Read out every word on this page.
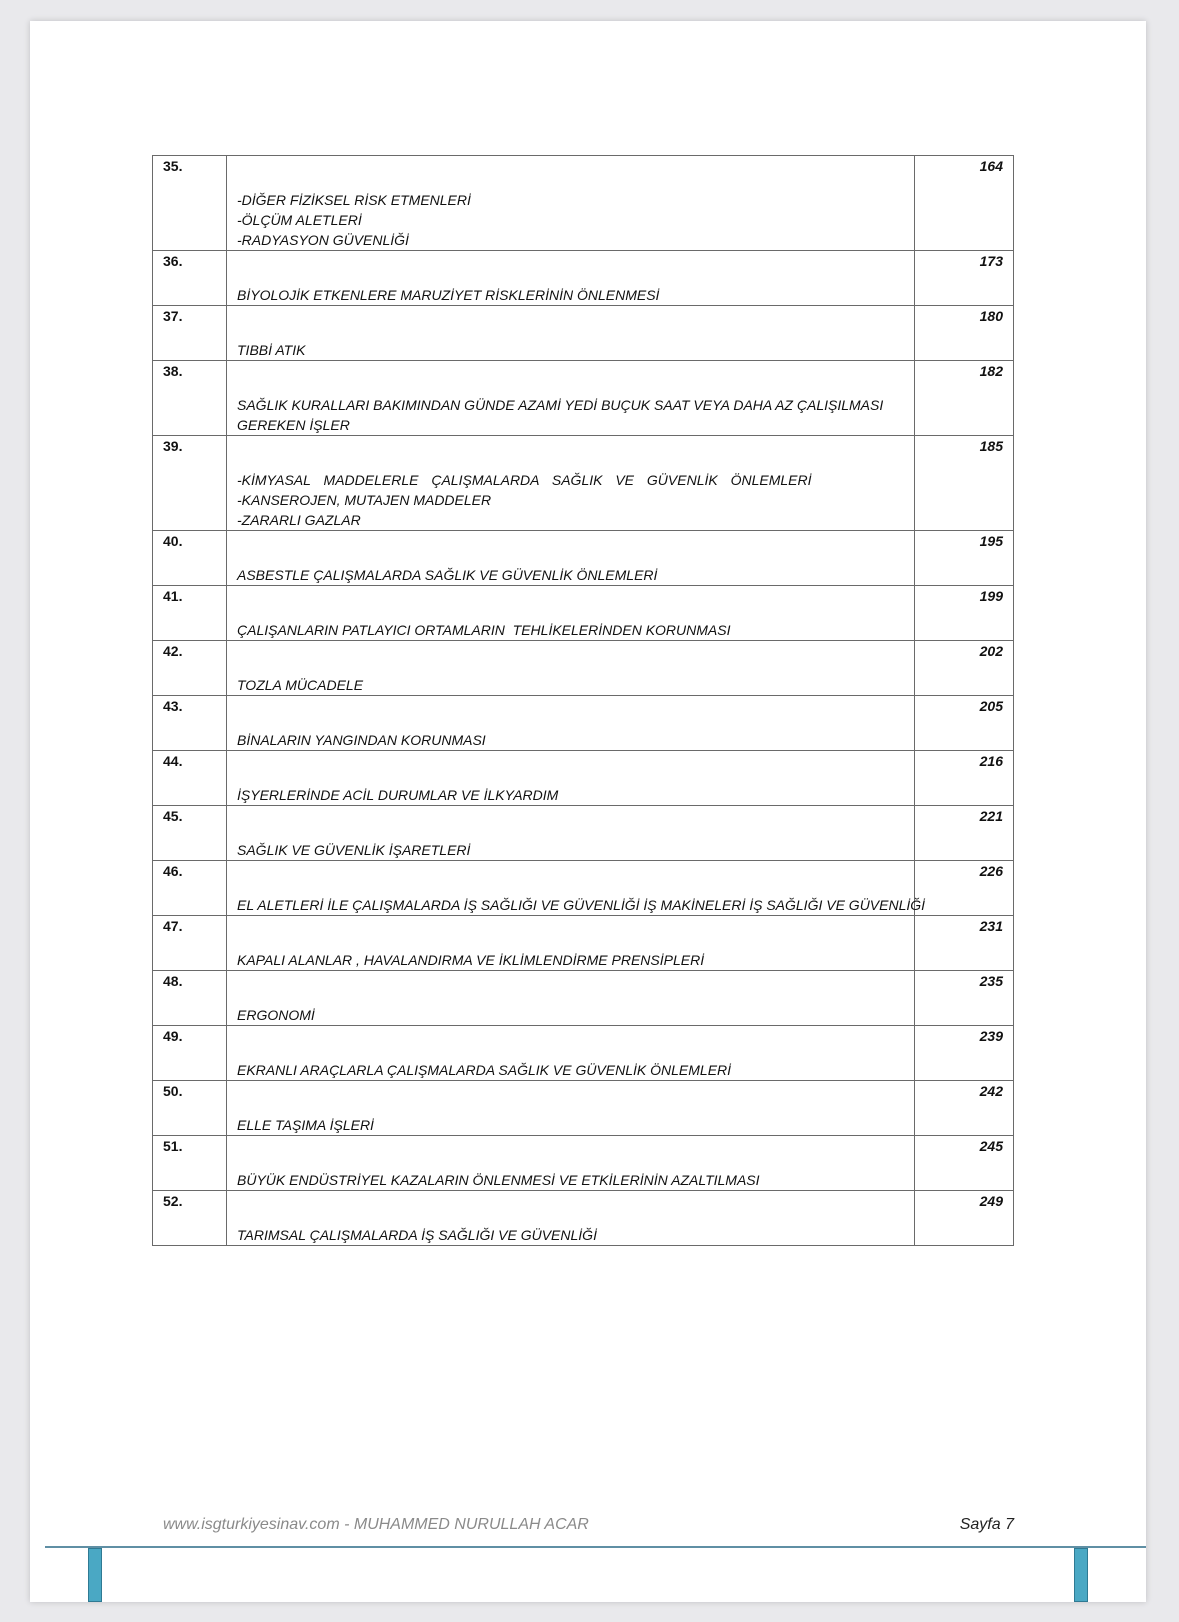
35.	-DİĞER FİZİKSEL RİSK ETMENLERİ
-ÖLÇÜM ALETLERİ
-RADYASYON GÜVENLİĞİ	164
36.	BİYOLOJİK ETKENLERE MARUZİYET RİSKLERİNİN ÖNLENMESİ	173
37.	TIBBİ ATIK	180
38.	SAĞLIK KURALLARI BAKIMINDAN GÜNDE AZAMİ YEDİ BUÇUK SAAT VEYA DAHA AZ ÇALIŞILMASI
GEREKEN İŞLER	182
39.	-KİMYASAL MADDELERLE ÇALIŞMALARDA SAĞLIK VE GÜVENLİK ÖNLEMLERİ
-KANSEROJEN, MUTAJEN MADDELER
-ZARARLI GAZLAR	185
40.	ASBESTLE ÇALIŞMALARDA SAĞLIK VE GÜVENLİK ÖNLEMLERİ	195
41.	ÇALIŞANLARIN PATLAYICI ORTAMLARIN  TEHLİKELERİNDEN KORUNMASI	199
42.	TOZLA MÜCADELE	202
43.	BİNALARIN YANGINDAN KORUNMASI	205
44.	İŞYERLERİNDE ACİL DURUMLAR VE İLKYARDIM	216
45.	SAĞLIK VE GÜVENLİK İŞARETLERİ	221
46.	EL ALETLERİ İLE ÇALIŞMALARDA İŞ SAĞLIĞI VE GÜVENLİĞİ İŞ MAKİNELERİ İŞ SAĞLIĞI VE GÜVENLİĞİ	226
47.	KAPALI ALANLAR , HAVALANDIRMA VE İKLİMLENDİRME PRENSİPLERİ	231
48.	ERGONOMİ	235
49.	EKRANLI ARAÇLARLA ÇALIŞMALARDA SAĞLIK VE GÜVENLİK ÖNLEMLERİ	239
50.	ELLE TAŞIMA İŞLERİ	242
51.	BÜYÜK ENDÜSTRİYEL KAZALARIN ÖNLENMESİ VE ETKİLERİNİN AZALTILMASI	245
52.	TARIMSAL ÇALIŞMALARDA İŞ SAĞLIĞI VE GÜVENLİĞİ	249
www.isgturkiyesinav.com - MUHAMMED NURULLAH ACAR	Sayfa 7
